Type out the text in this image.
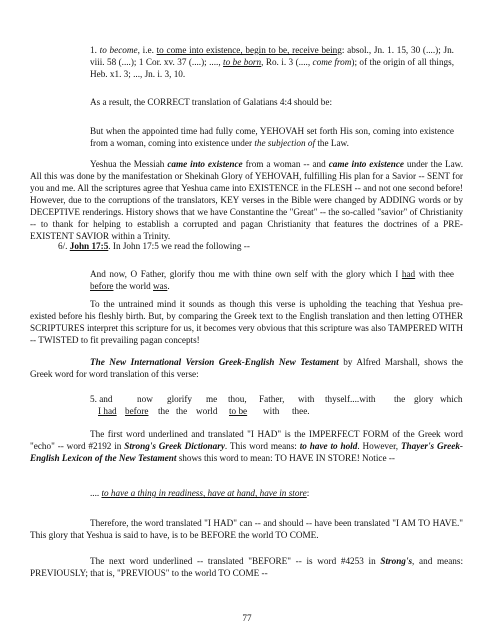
1. to become, i.e. to come into existence, begin to be, receive being: absol., Jn. 1. 15, 30 (....); Jn. viii. 58 (....); 1 Cor. xv. 37 (....); ...., to be born, Ro. i. 3 (...., come from); of the origin of all things, Heb. x1. 3; ..., Jn. i. 3, 10.

As a result, the CORRECT translation of Galatians 4:4 should be:

But when the appointed time had fully come, YEHOVAH set forth His son, coming into existence from a woman, coming into existence under the subjection of the Law.

Yeshua the Messiah came into existence from a woman -- and came into existence under the Law. All this was done by the manifestation or Shekinah Glory of YEHOVAH, fulfilling His plan for a Savior -- SENT for you and me. All the scriptures agree that Yeshua came into EXISTENCE in the FLESH -- and not one second before! However, due to the corruptions of the translators, KEY verses in the Bible were changed by ADDING words or by DECEPTIVE renderings. History shows that we have Constantine the "Great" -- the so-called "savior" of Christianity -- to thank for helping to establish a corrupted and pagan Christianity that features the doctrines of a PRE-EXISTENT SAVIOR within a Trinity.

6/. John 17:5. In John 17:5 we read the following --

And now, O Father, glorify thou me with thine own self with the glory which I had with thee before the world was.

To the untrained mind it sounds as though this verse is upholding the teaching that Yeshua pre-existed before his fleshly birth. But, by comparing the Greek text to the English translation and then letting OTHER SCRIPTURES interpret this scripture for us, it becomes very obvious that this scripture was also TAMPERED WITH -- TWISTED to fit prevailing pagan concepts!

The New International Version Greek-English New Testament by Alfred Marshall, shows the Greek word for word translation of this verse:

5. and	now glorify me thou, Father, with thyself....with the glory which
I had before the the world to be with thee.

The first word underlined and translated "I HAD" is the IMPERFECT FORM of the Greek word "echo" -- word #2192 in Strong's Greek Dictionary. This word means: to have to hold. However, Thayer's Greek-English Lexicon of the New Testament shows this word to mean: TO HAVE IN STORE! Notice --

.... to have a thing in readiness, have at hand, have in store:

Therefore, the word translated "I HAD" can -- and should -- have been translated "I AM TO HAVE." This glory that Yeshua is said to have, is to be BEFORE the world TO COME.

The next word underlined -- translated "BEFORE" -- is word #4253 in Strong's, and means: PREVIOUSLY; that is, "PREVIOUS" to the world TO COME --

77
